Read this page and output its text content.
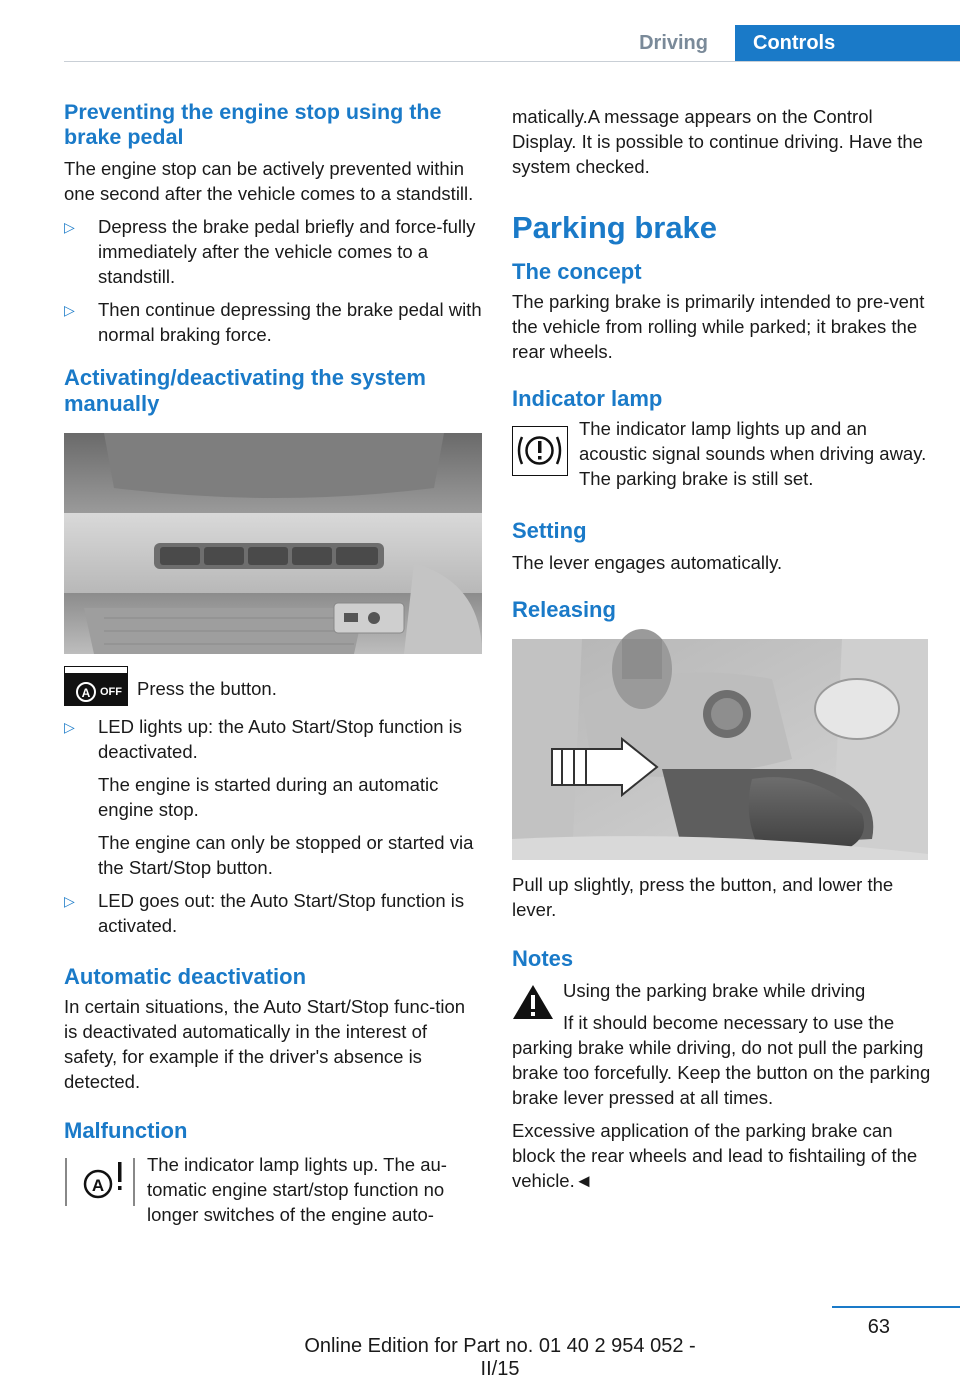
Driving	Controls
Preventing the engine stop using the brake pedal

The engine stop can be actively prevented within one second after the vehicle comes to a standstill.

▷ Depress the brake pedal briefly and force‐fully immediately after the vehicle comes to a standstill.
▷ Then continue depressing the brake pedal with normal braking force.
Activating/deactivating the system manually
A OFF Press the button.
▷ LED lights up: the Auto Start/Stop function is deactivated.
The engine is started during an automatic engine stop.
The engine can only be stopped or started via the Start/Stop button.
▷ LED goes out: the Auto Start/Stop function is activated.
Automatic deactivation

In certain situations, the Auto Start/Stop func‐tion is deactivated automatically in the interest of safety, for example if the driver's absence is detected.

Malfunction
A

The indicator lamp lights up. The au‐tomatic engine start/stop function no longer switches of the engine auto‐

matically.A message appears on the Control Display. It is possible to continue driving. Have the system checked.

Parking brake
The concept

The parking brake is primarily intended to pre‐vent the vehicle from rolling while parked; it brakes the rear wheels.

Indicator lamp

The indicator lamp lights up and an acoustic signal sounds when driving away. The parking brake is still set.

Setting

The lever engages automatically.

Releasing

Pull up slightly, press the button, and lower the lever.

Notes

Using the parking brake while driving

If it should become necessary to use the parking brake while driving, do not pull the parking brake too forcefully. Keep the button on the parking brake lever pressed at all times.

Excessive application of the parking brake can block the rear wheels and lead to fishtailing of the vehicle.◄

63
Online Edition for Part no. 01 40 2 954 052 - II/15
